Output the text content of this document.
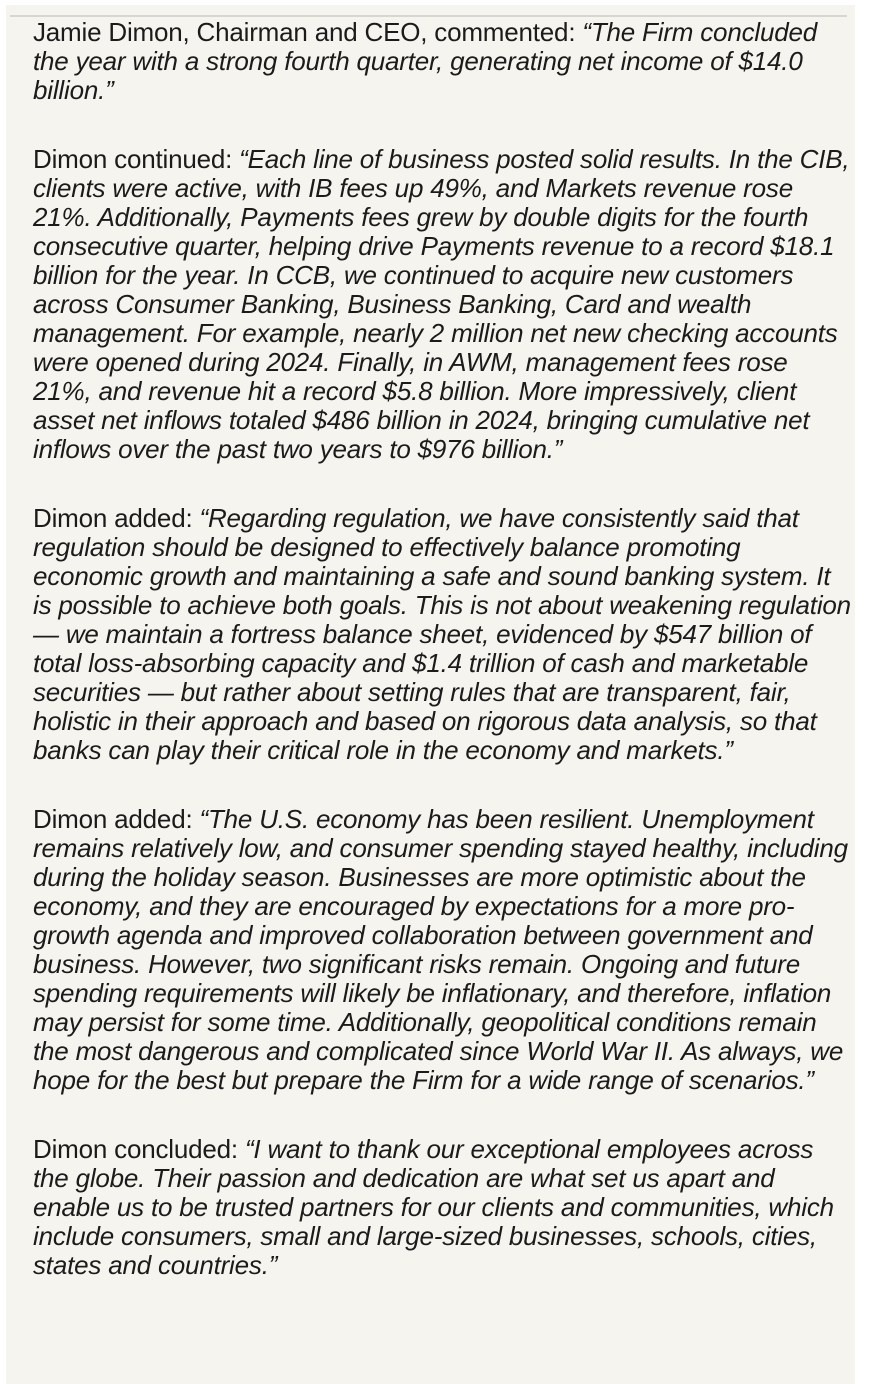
Jamie Dimon, Chairman and CEO, commented: “The Firm concluded the year with a strong fourth quarter, generating net income of $14.0 billion.”

Dimon continued: “Each line of business posted solid results. In the CIB, clients were active, with IB fees up 49%, and Markets revenue rose 21%. Additionally, Payments fees grew by double digits for the fourth consecutive quarter, helping drive Payments revenue to a record $18.1 billion for the year. In CCB, we continued to acquire new customers across Consumer Banking, Business Banking, Card and wealth management. For example, nearly 2 million net new checking accounts were opened during 2024. Finally, in AWM, management fees rose 21%, and revenue hit a record $5.8 billion. More impressively, client asset net inflows totaled $486 billion in 2024, bringing cumulative net inflows over the past two years to $976 billion.”

Dimon added: “Regarding regulation, we have consistently said that regulation should be designed to effectively balance promoting economic growth and maintaining a safe and sound banking system. It is possible to achieve both goals. This is not about weakening regulation — we maintain a fortress balance sheet, evidenced by $547 billion of total loss-absorbing capacity and $1.4 trillion of cash and marketable securities — but rather about setting rules that are transparent, fair, holistic in their approach and based on rigorous data analysis, so that banks can play their critical role in the economy and markets.”

Dimon added: “The U.S. economy has been resilient. Unemployment remains relatively low, and consumer spending stayed healthy, including during the holiday season. Businesses are more optimistic about the economy, and they are encouraged by expectations for a more pro-growth agenda and improved collaboration between government and business. However, two significant risks remain. Ongoing and future spending requirements will likely be inflationary, and therefore, inflation may persist for some time. Additionally, geopolitical conditions remain the most dangerous and complicated since World War II. As always, we hope for the best but prepare the Firm for a wide range of scenarios.”

Dimon concluded: “I want to thank our exceptional employees across the globe. Their passion and dedication are what set us apart and enable us to be trusted partners for our clients and communities, which include consumers, small and large-sized businesses, schools, cities, states and countries.”
